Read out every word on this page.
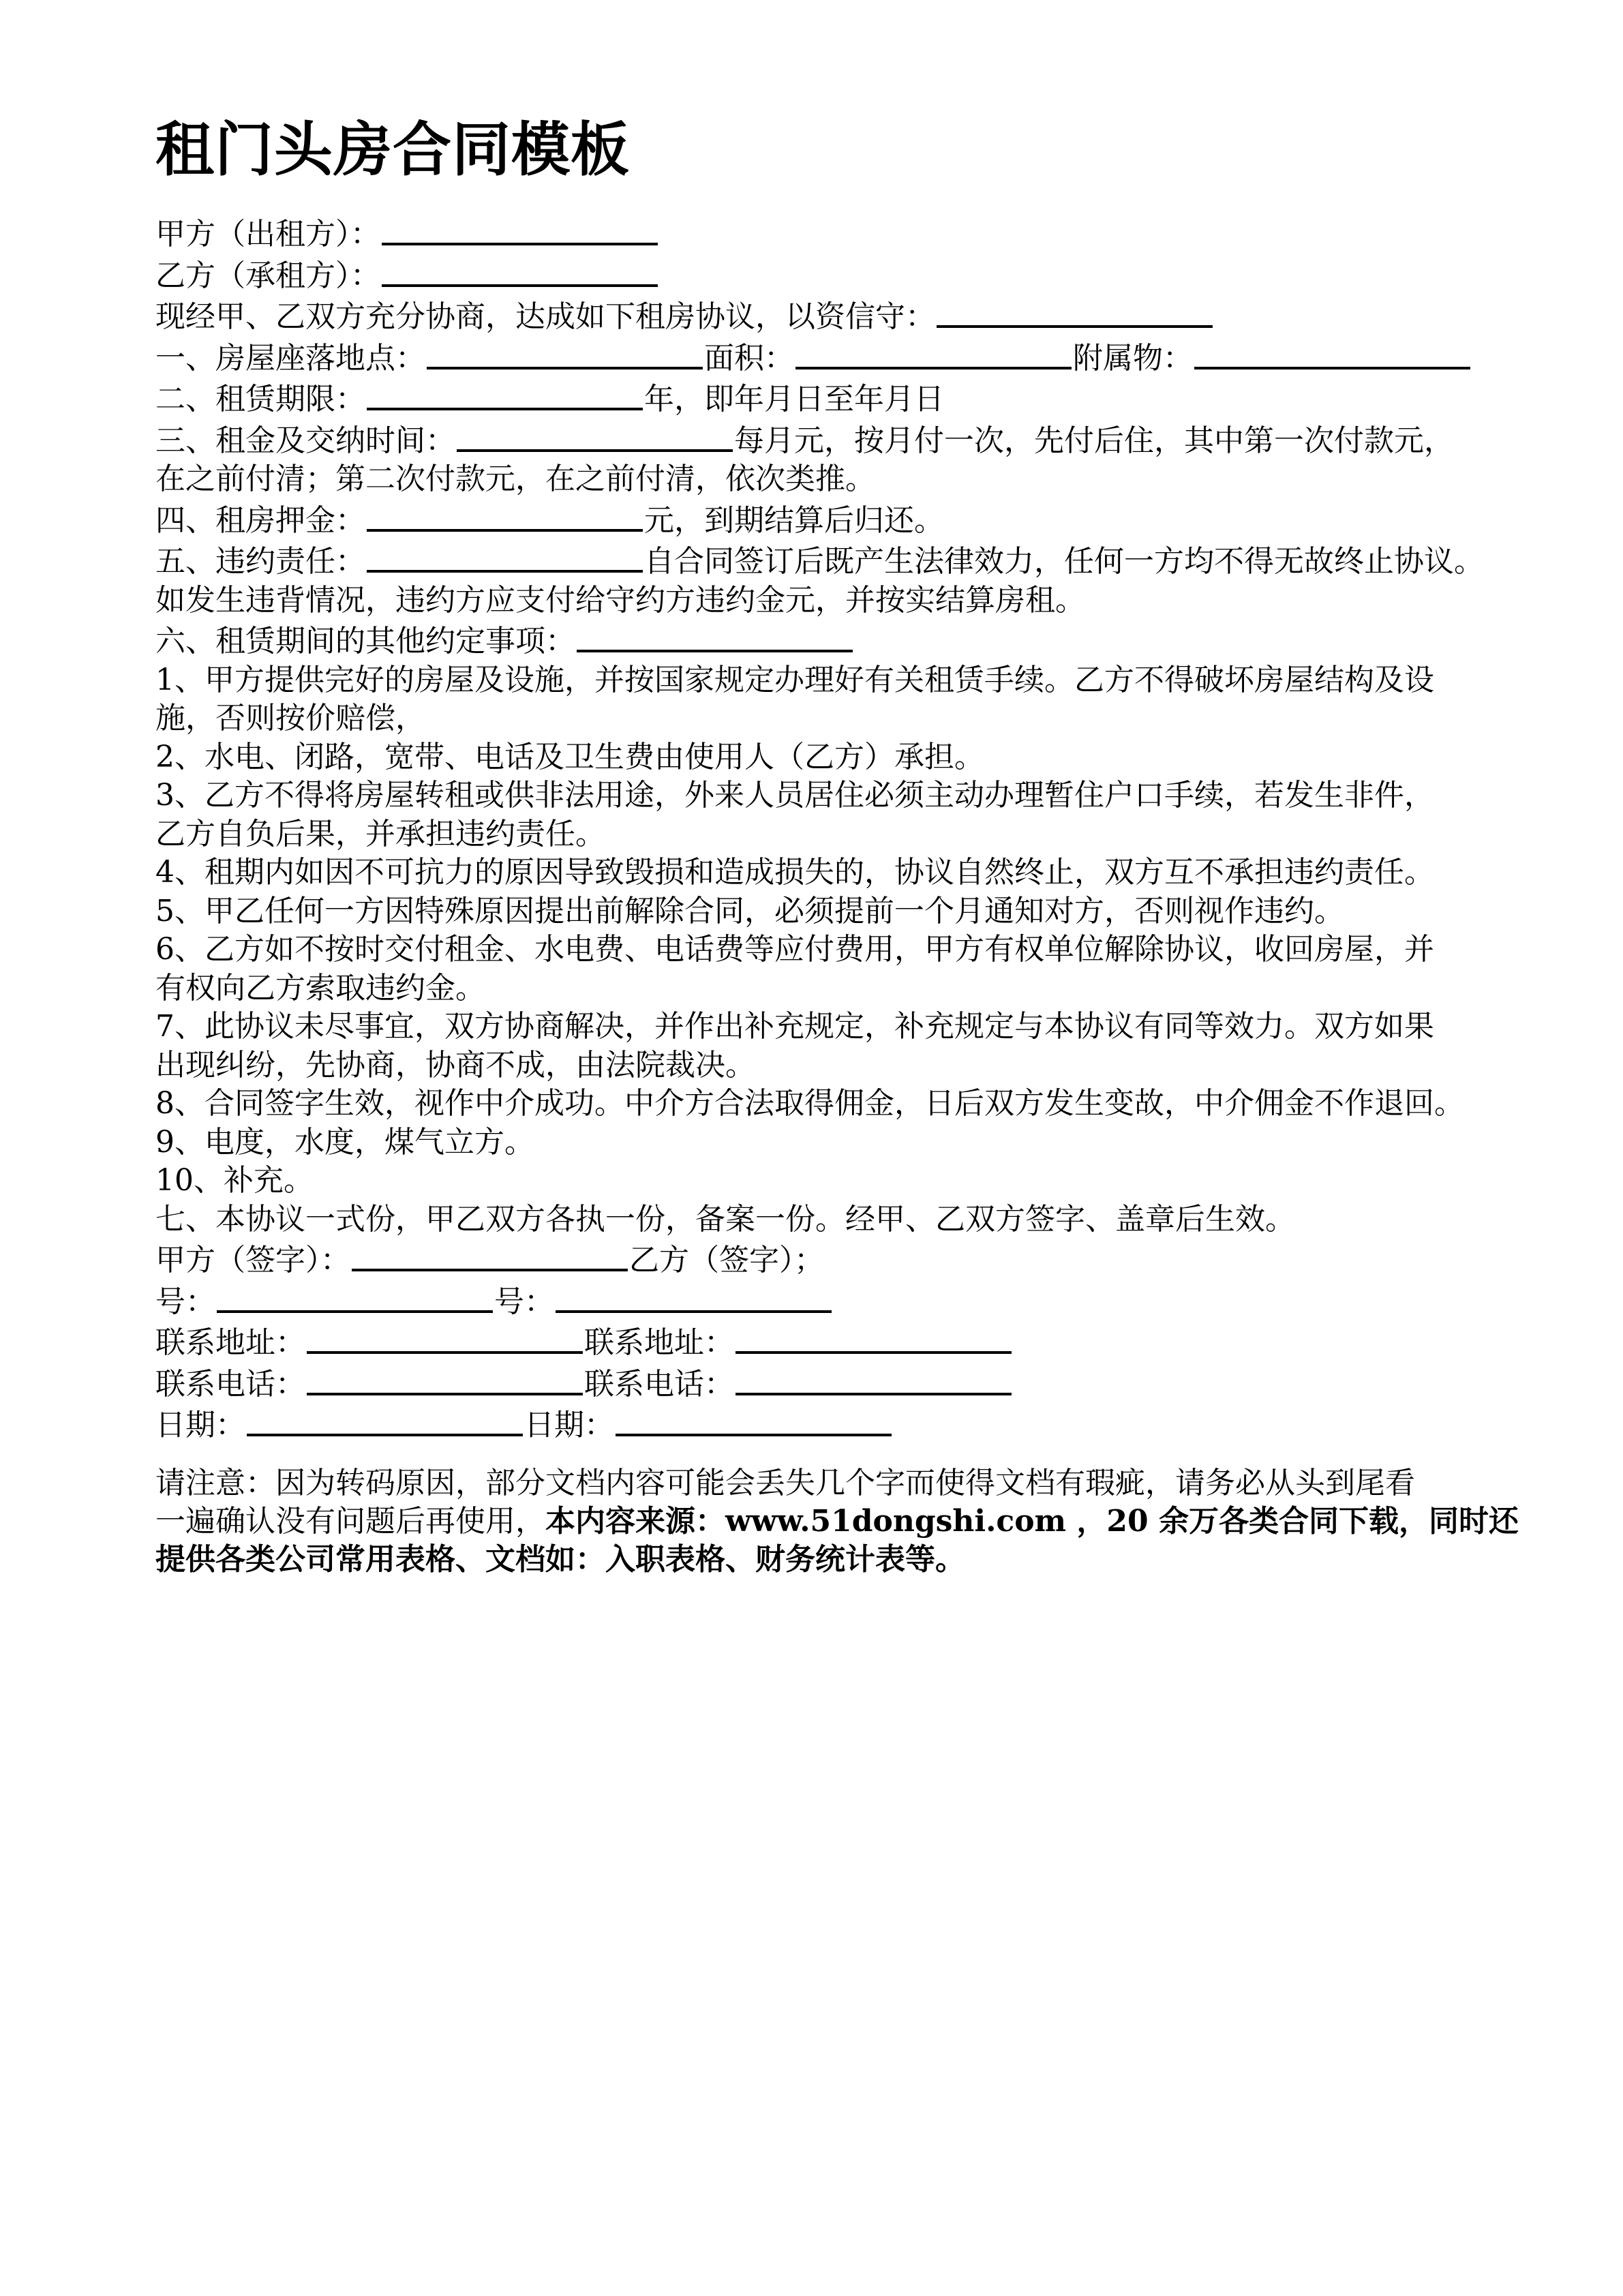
租门头房合同模板
甲方（出租方）：
乙方（承租方）：
现经甲、乙双方充分协商，达成如下租房协议，以资信守：
一、房屋座落地点：	面积：	附属物：
二、租赁期限：	年，即年月日至年月日
三、租金及交纳时间：	每月元，按月付一次，先付后住，其中第一次付款元，
在之前付清；第二次付款元，在之前付清，依次类推。
四、租房押金：	元，到期结算后归还。
五、违约责任：	自合同签订后既产生法律效力，任何一方均不得无故终止协议。
如发生违背情况，违约方应支付给守约方违约金元，并按实结算房租。
六、租赁期间的其他约定事项：
1、甲方提供完好的房屋及设施，并按国家规定办理好有关租赁手续。乙方不得破坏房屋结构及设
施，否则按价赔偿，
2、水电、闭路，宽带、电话及卫生费由使用人（乙方）承担。
3、乙方不得将房屋转租或供非法用途，外来人员居住必须主动办理暂住户口手续，若发生非件，
乙方自负后果，并承担违约责任。
4、租期内如因不可抗力的原因导致毁损和造成损失的，协议自然终止，双方互不承担违约责任。
5、甲乙任何一方因特殊原因提出前解除合同，必须提前一个月通知对方，否则视作违约。
6、乙方如不按时交付租金、水电费、电话费等应付费用，甲方有权单位解除协议，收回房屋，并
有权向乙方索取违约金。
7、此协议未尽事宜，双方协商解决，并作出补充规定，补充规定与本协议有同等效力。双方如果
出现纠纷，先协商，协商不成，由法院裁决。
8、合同签字生效，视作中介成功。中介方合法取得佣金，日后双方发生变故，中介佣金不作退回。
9、电度，水度，煤气立方。
10、补充。
七、本协议一式份，甲乙双方各执一份，备案一份。经甲、乙双方签字、盖章后生效。
甲方（签字）：	乙方（签字）；
号：	号：
联系地址：	联系地址：
联系电话：	联系电话：
日期：	日期：
请注意：因为转码原因，部分文档内容可能会丢失几个字而使得文档有瑕疵，请务必从头到尾看
一遍确认没有问题后再使用，本内容来源：www.51dongshi.com ，20 余万各类合同下载，同时还
提供各类公司常用表格、文档如：入职表格、财务统计表等。
